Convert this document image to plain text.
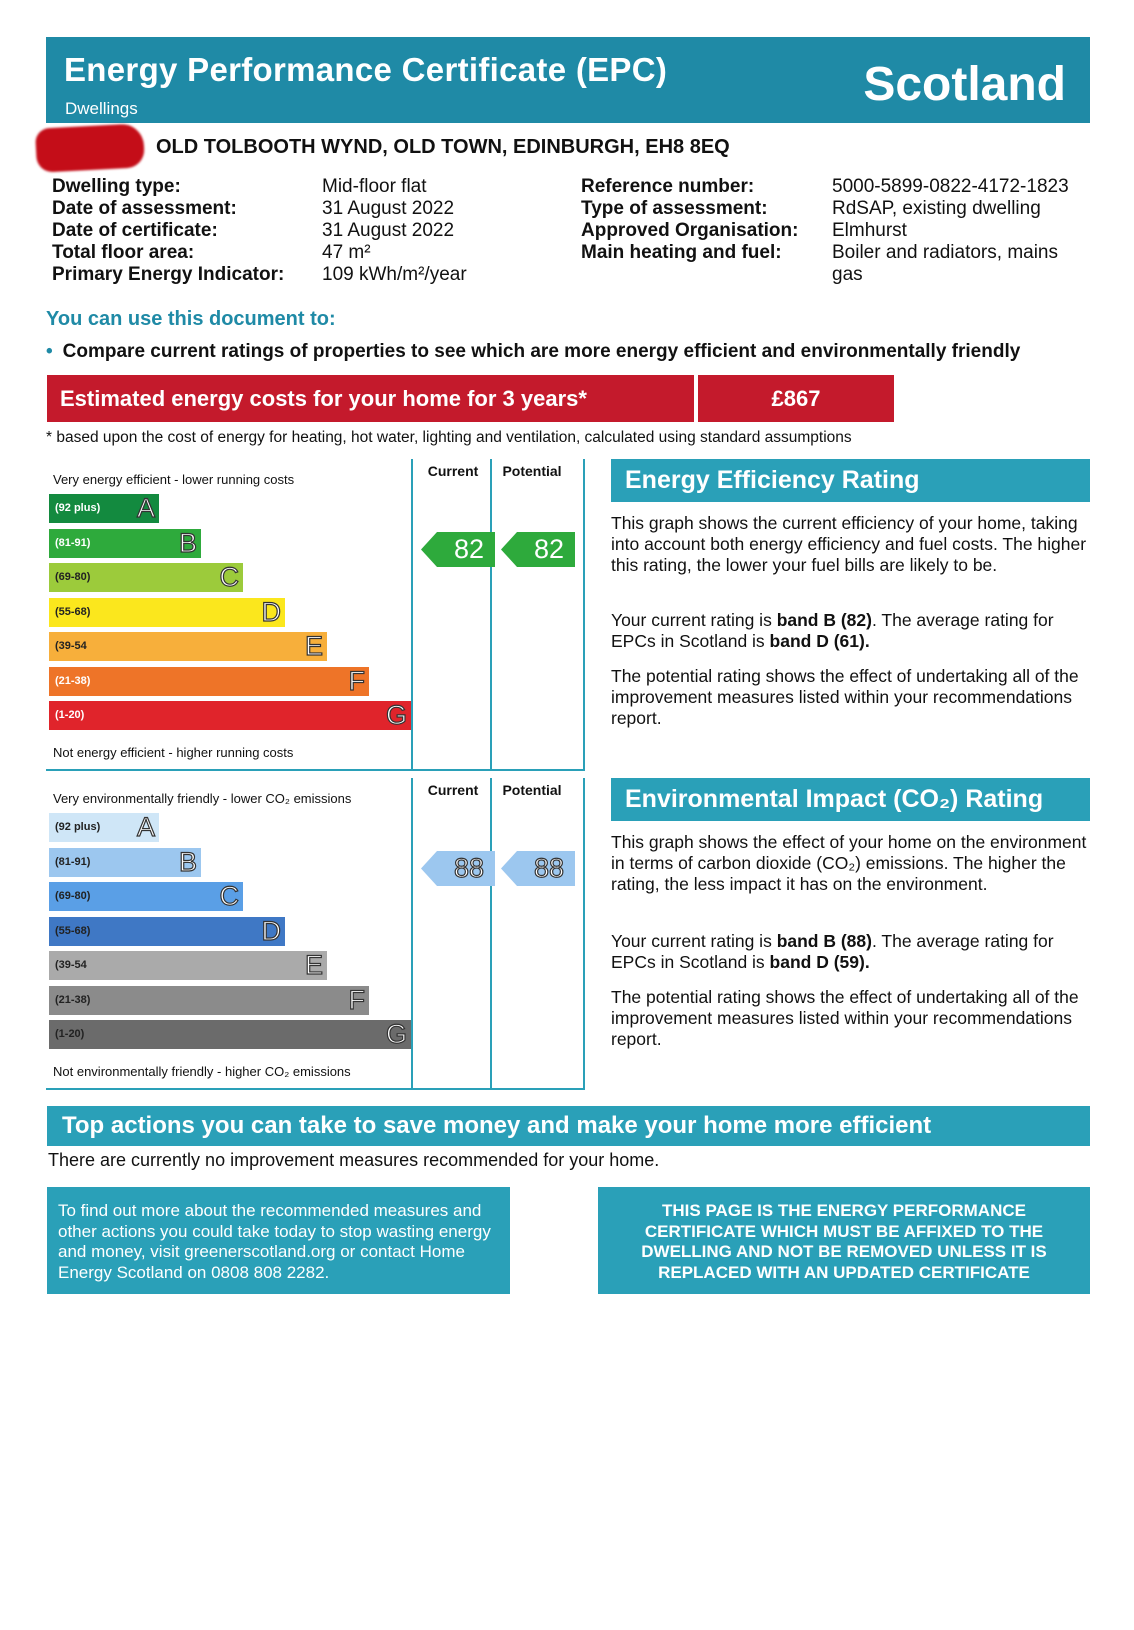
Energy Performance Certificate (EPC)
Dwellings	Scotland
OLD TOLBOOTH WYND, OLD TOWN, EDINBURGH, EH8 8EQ
Dwelling type:	Mid-floor flat
Date of assessment:	31 August 2022
Date of certificate:	31 August 2022
Total floor area:	47 m²
Primary Energy Indicator: 109 kWh/m²/year
Reference number:	5000-5899-0822-4172-1823
Type of assessment:	RdSAP, existing dwelling
Approved Organisation: Elmhurst
Main heating and fuel:	Boiler and radiators, mains gas
You can use this document to:
• Compare current ratings of properties to see which are more energy efficient and environmentally friendly
Estimated energy costs for your home for 3 years*	£867
* based upon the cost of energy for heating, hot water, lighting and ventilation, calculated using standard assumptions
Current	Potential
Very energy efficient - lower running costs
Not energy efficient - higher running costs
(92 plus) A
(81-91)	B
(69-80)	C
(55-68)	D
(39-54	E
(21-38)	F
(1-20)	G
82	82
Current	Potential
Very environmentally friendly - lower CO₂ emissions
Not environmentally friendly - higher CO₂ emissions
(92 plus) A
(81-91)	B
(69-80)	C
(55-68)	D
(39-54	E
(21-38)	F
(1-20)	G
88	88
Energy Efficiency Rating
This graph shows the current efficiency of your home, taking into account both energy efficiency and fuel costs. The higher this rating, the lower your fuel bills are likely to be.
Your current rating is band B (82). The average rating for EPCs in Scotland is band D (61).
The potential rating shows the effect of undertaking all of the improvement measures listed within your recommendations report.
Environmental Impact (CO₂) Rating
This graph shows the effect of your home on the environment in terms of carbon dioxide (CO₂) emissions. The higher the rating, the less impact it has on the environment.
Your current rating is band B (88). The average rating for EPCs in Scotland is band D (59).
The potential rating shows the effect of undertaking all of the improvement measures listed within your recommendations report.
Top actions you can take to save money and make your home more efficient
There are currently no improvement measures recommended for your home.
To find out more about the recommended measures and other actions you could take today to stop wasting energy and money, visit greenerscotland.org or contact Home Energy Scotland on 0808 808 2282.
THIS PAGE IS THE ENERGY PERFORMANCE CERTIFICATE WHICH MUST BE AFFIXED TO THE DWELLING AND NOT BE REMOVED UNLESS IT IS REPLACED WITH AN UPDATED CERTIFICATE
